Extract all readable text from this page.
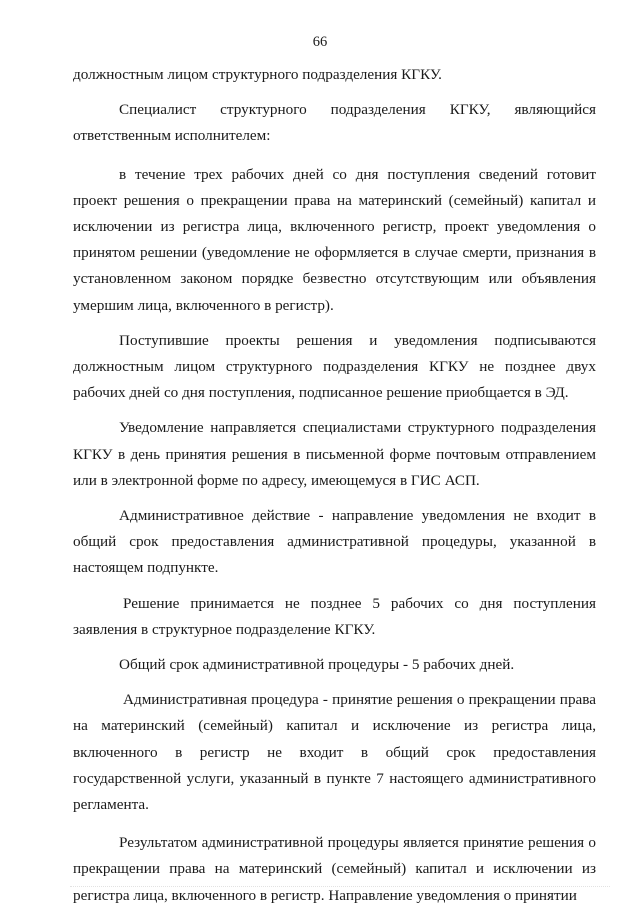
66

должностным лицом структурного подразделения КГКУ.

Специалист структурного подразделения КГКУ, являющийся ответственным исполнителем:

в течение трех рабочих дней со дня поступления сведений готовит проект решения о прекращении права на материнский (семейный) капитал и исключении из регистра лица, включенного регистр, проект уведомления о принятом решении (уведомление не оформляется в случае смерти, признания в установленном законом порядке безвестно отсутствующим или объявления умершим лица, включенного в регистр).

Поступившие проекты решения и уведомления подписываются должностным лицом структурного подразделения КГКУ не позднее двух рабочих дней со дня поступления, подписанное решение приобщается в ЭД.

Уведомление направляется специалистами структурного подразделения КГКУ в день принятия решения в письменной форме почтовым отправлением или в электронной форме по адресу, имеющемуся в ГИС АСП.

Административное действие - направление уведомления не входит в общий срок предоставления административной процедуры, указанной в настоящем подпункте.

Решение принимается не позднее 5 рабочих со дня поступления заявления в структурное подразделение КГКУ.

Общий срок административной процедуры - 5 рабочих дней.

Административная процедура - принятие решения о прекращении права на материнский (семейный) капитал и исключение из регистра лица, включенного в регистр не входит в общий срок предоставления государственной услуги, указанный в пункте 7 настоящего административного регламента.

Результатом административной процедуры является принятие решения о прекращении права на материнский (семейный) капитал и исключении из регистра лица, включенного в регистр. Направление уведомления о принятии
